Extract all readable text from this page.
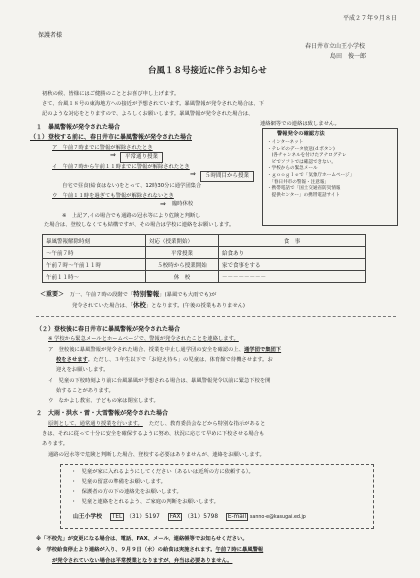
平成２７年９月８日
保護者様
春日井市立山王小学校
島田　俊一郎
台風１８号接近に伴うお知らせ
初秋の候、皆様にはご健勝のこととお喜び申し上げます。
さて、台風１８号の東海地方への接近が予想されています。暴風警報が発令された場合は、下
記のような対応をとりますので、よろしくお願いします。暴風警報が発令された場合は、
連絡網等での連絡は致しません。
１　暴風警報が発令された場合
（１）登校する前に、春日井市に暴風警報が発令された場合
ア　午前７時までに警報が解除されたとき
⇒	平常通り授業
イ　午前７時から午前１１時までに警報が解除されたとき
⇒	５時間目から授業
自宅で昼食(給食はない)をとって、12時30分に通学団集合
ウ　午前１１時を過ぎても警報が解除されないとき
⇒ 臨時休校
※　上記ア,イの場合でも通路の冠水等により危険と判断し
た場合は、登校しなくても結構ですが、その場合は学校に連絡をお願いします。
警報発令の確認方法
・インターネット
・テレビのデータ放送(ｄボタン)
　(各チャンネルを付けたアナログテレ
　ビでソフトでは確認できない。
・学校からの緊急メール
・ｇｏｏｇｌｅで「気象庁ホームページ」
　「春日井市の警報・注意報」
・携帯電話で「国土交通省防災情報
　提供センター」の携帯電話サイト
暴風警報解除時刻	対応（授業開始）	食　事
～午前７時	平常授業	給食あり
午前７時～午前１１時	５校時から授業開始	家で食事をする
午前１１時～	休　校	－－－－－－－－
＜重要＞ 万一、午前７時の段階で「特別警報」(暴風でも大雨でも)が
発令されていた場合は、「休校」となります。(午後の授業もありません)
（２）登校後に春日井市に暴風警報が発令された場合
※ 学校から緊急メールとホームページで、警報が発令されたことを連絡します。
ア　登校後に暴風警報が発令された場合、授業を中止し通学団の安全を確認の上、通学団で集団下
校をさせます。ただし、３年生以下で「お迎え待ち」の児童は、体育館で待機させます。お
迎えをお願いします。
イ　児童の下校時刻より前に台風暴風が予想される場合は、暴風警報発令以前に緊急下校を開
始することがあります。
ウ　なかよし教室、子どもの家は閉室します。
２　大雨・洪水・雷・大雪警報が発令された場合
原則として、通常通り授業を行います。 ただし、教育委員会などから特別な指示があると
きは、それに従って十分に安全を確保するように努め、状況に応じて早めに下校させる場合も
あります。
通路の冠水等で危険と判断した場合、登校する必要はありませんが、連絡をお願いします。
・　児童が家に入れるようにしてください（あるいは近所の方に依頼する）。
・　児童の留意の準備をお願いします。
・　保護者の方の下の連絡先をお願いします。
・　児童と連絡をとれるよう、ご家庭の判断をお願いします。
山王小学校 TEL （31）5197 FAX （31）5798 E-mail sanno-e@kasugai.ed.jp
※「不校先」が変更になる場合は、電話、FAX、メール、連絡帳等でお知らせください。
※　学校給食停止より連絡が入り、９月９日（水）の給食は実施されます。午前７時に暴風警報
が発令されていない場合は平常授業となりますが、弁当は必要ありません。
